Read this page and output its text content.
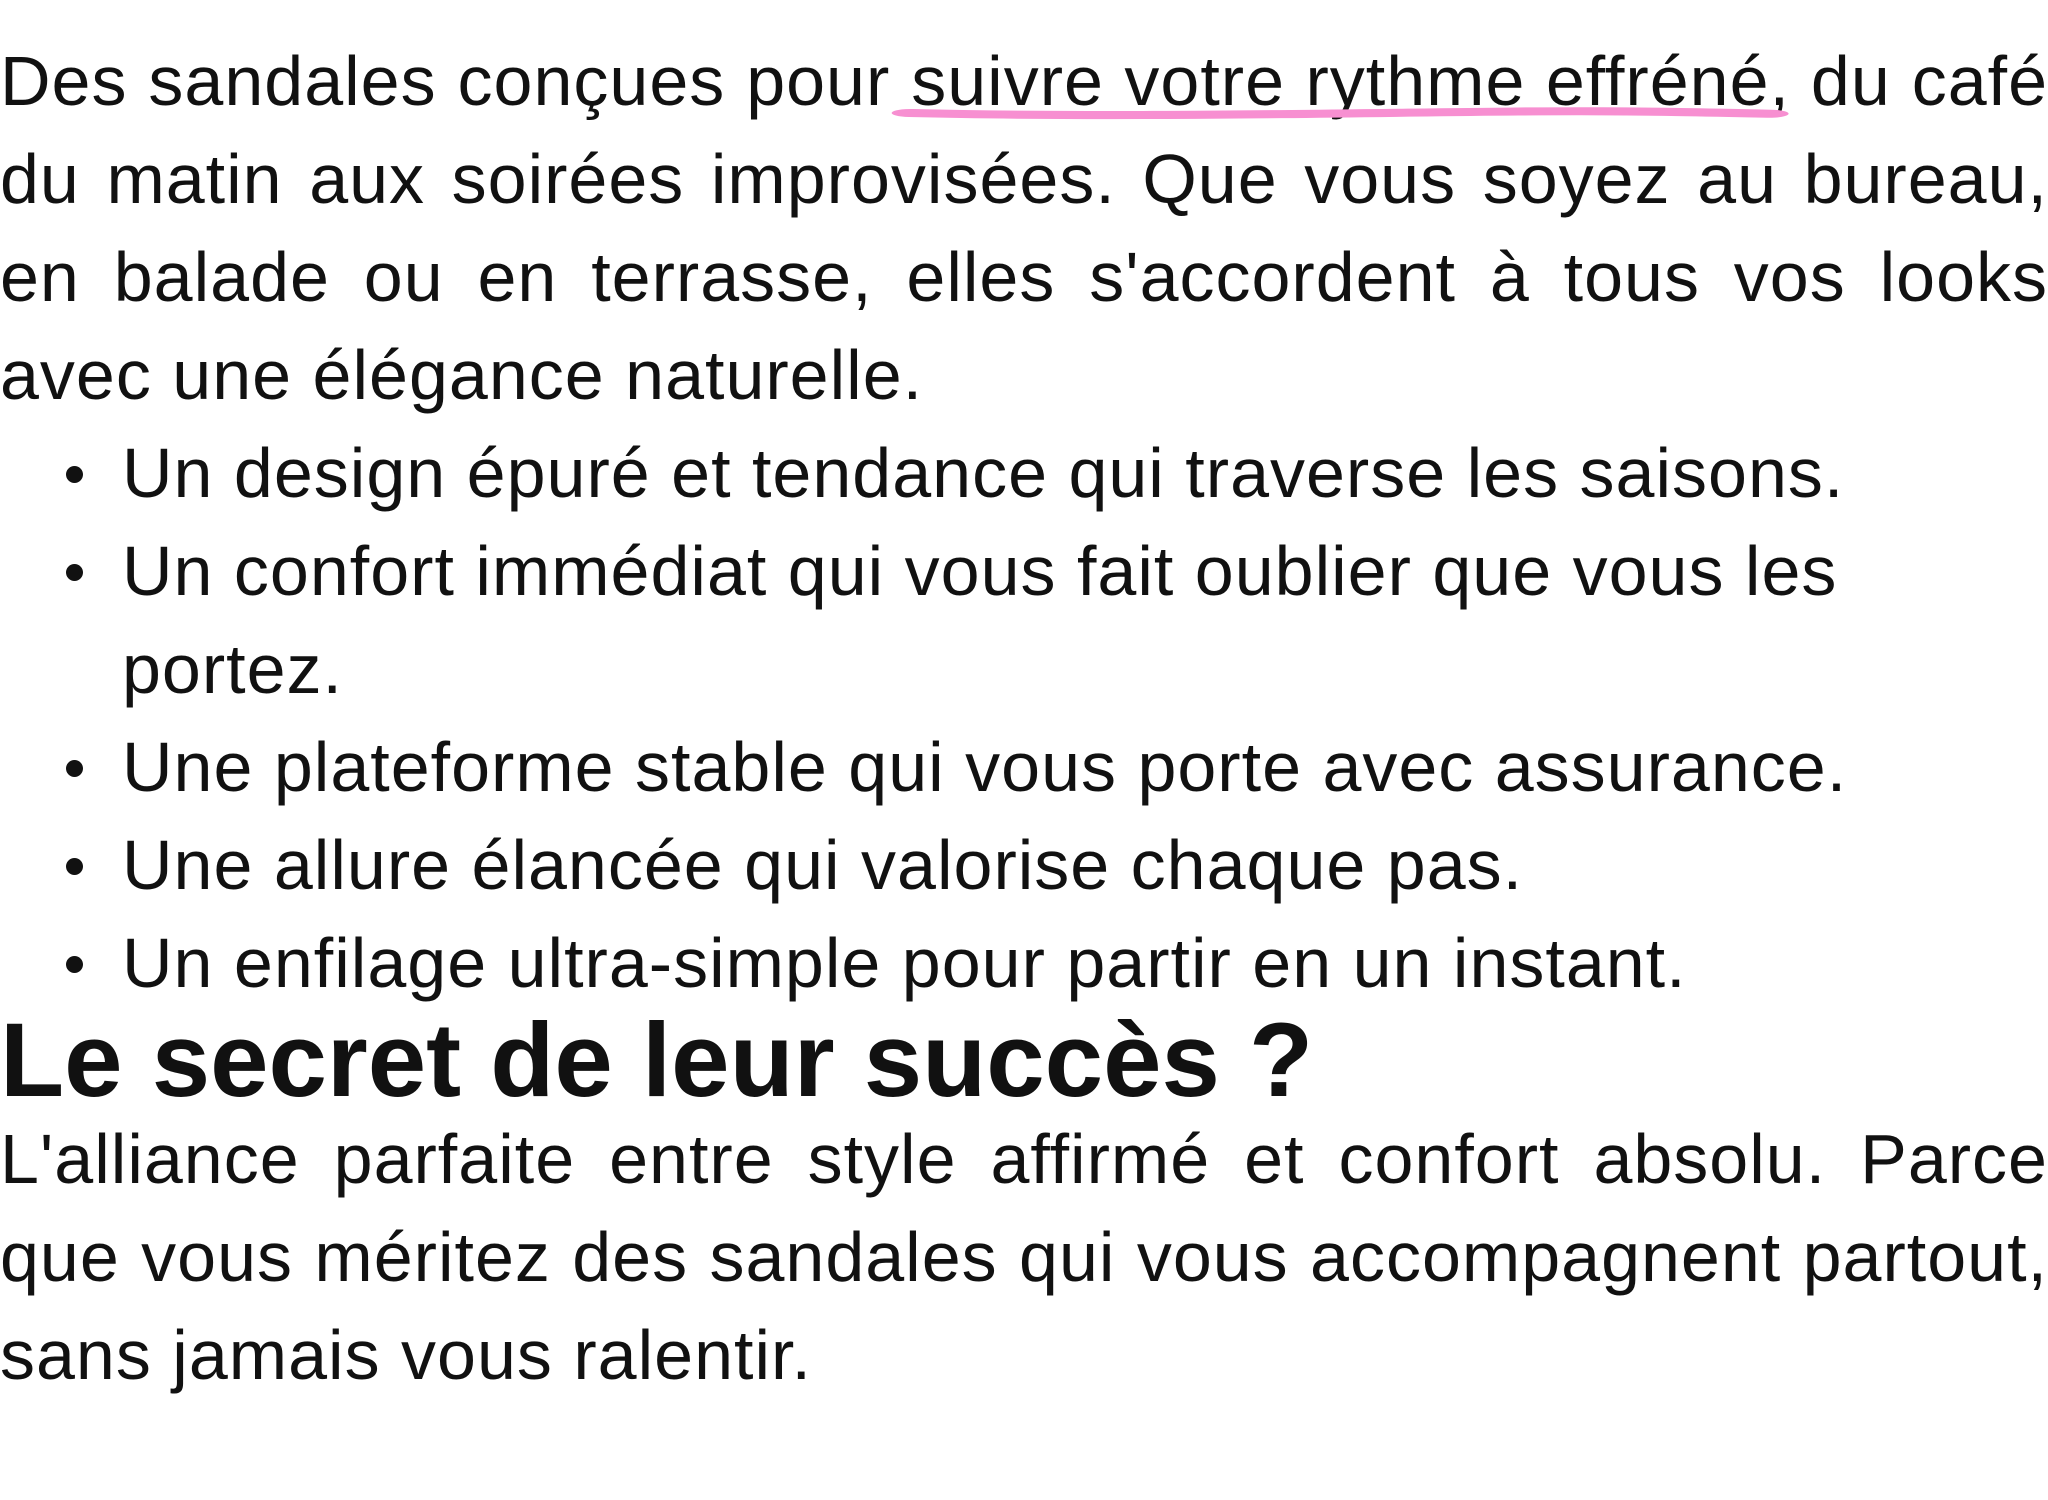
Des sandales conçues pour suivre votre rythme effréné
, du café du matin aux soirées improvisées. Que vous soyez au bureau, en balade ou en terrasse, elles s'accordent à tous vos looks avec une élégance naturelle.

Un design épuré et tendance qui traverse les saisons.
Un confort immédiat qui vous fait oublier que vous les portez.
Une plateforme stable qui vous porte avec assurance.
Une allure élancée qui valorise chaque pas.
Un enfilage ultra-simple pour partir en un instant.
Le secret de leur succès ?

L'alliance parfaite entre style affirmé et confort absolu. Parce que vous méritez des sandales qui vous accompagnent partout, sans jamais vous ralentir.
